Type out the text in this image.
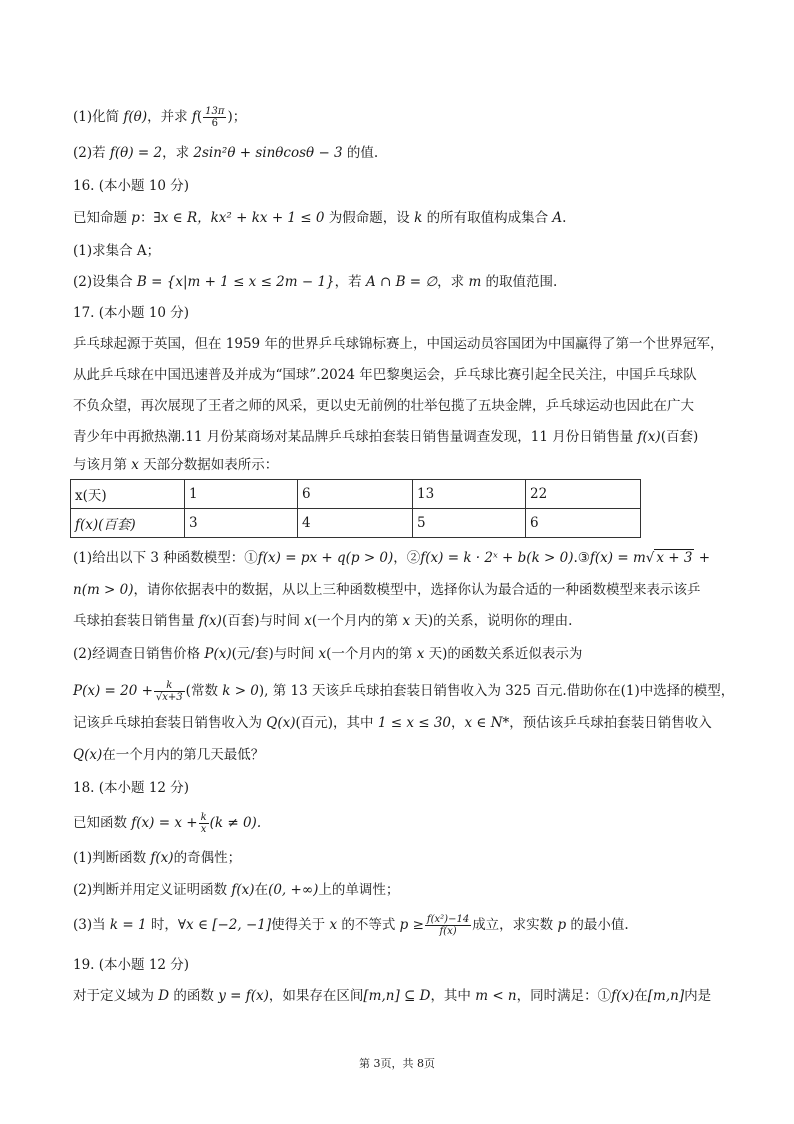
(1)化简 f(θ)，并求 $f( \frac{13\pi}{6}$ )；
(2)若 f(θ) = 2，求 2sin²θ + sinθcosθ − 3 的值.
16. (本小题 10 分)
已知命题 p：∃x ∈ R，kx² + kx + 1 ≤ 0 为假命题，设 k 的所有取值构成集合 A.
(1)求集合 A；
(2)设集合 B = {x|m + 1 ≤ x ≤ 2m − 1}，若 A ∩ B = ∅，求 m 的取值范围.
17. (本小题 10 分)
乒乓球起源于英国，但在 1959 年的世界乒乓球锦标赛上，中国运动员容国团为中国赢得了第一个世界冠军，
从此乒乓球在中国迅速普及并成为“国球”.2024 年巴黎奥运会，乒乓球比赛引起全民关注，中国乒乓球队
不负众望，再次展现了王者之师的风采，更以史无前例的壮举包揽了五块金牌，乒乓球运动也因此在广大
青少年中再掀热潮.11 月份某商场对某品牌乒乓球拍套装日销售量调查发现，11 月份日销售量 f(x)(百套)
与该月第 x 天部分数据如表所示：
x(天)	1	6	13	22
f(x)(百套)	3	4	5	6
(1)给出以下 3 种函数模型：①f(x) = px + q(p > 0)，②f(x) = k · 2ˣ + b(k > 0).③f(x) = m√ x + 3 +
n(m > 0)，请你依据表中的数据，从以上三种函数模型中，选择你认为最合适的一种函数模型来表示该乒
乓球拍套装日销售量 f(x)(百套)与时间 x(一个月内的第 x 天)的关系，说明你的理由.
(2)经调查日销售价格 P(x)(元/套)与时间 x(一个月内的第 x 天)的函数关系近似表示为
$P(x) = 20 + \frac{k}{√x+3}$ (常数 k > 0), 第 13 天该乒乓球拍套装日销售收入为 325 百元.借助你在(1)中选择的模型，
记该乒乓球拍套装日销售收入为 Q(x)(百元)，其中 1 ≤ x ≤ 30，x ∈ N*，预估该乒乓球拍套装日销售收入
Q(x)在一个月内的第几天最低？
18. (本小题 12 分)
已知函数 $f(x) = x + \frac{k}{x} (k \ne 0)$.
(1)判断函数 f(x)的奇偶性；
(2)判断并用定义证明函数 f(x)在(0, +∞)上的单调性；
(3)当 k = 1 时，∀x ∈ [−2, −1]使得关于 x 的不等式 $p \ge \frac{\text{f(x²)−14}}{f(x)}$ 成立，求实数 p 的最小值.
19. (本小题 12 分)
对于定义域为 D 的函数 y = f(x)，如果存在区间[m,n] ⊆ D，其中 m < n，同时满足：①f(x)在[m,n]内是
第 3页，共 8页
